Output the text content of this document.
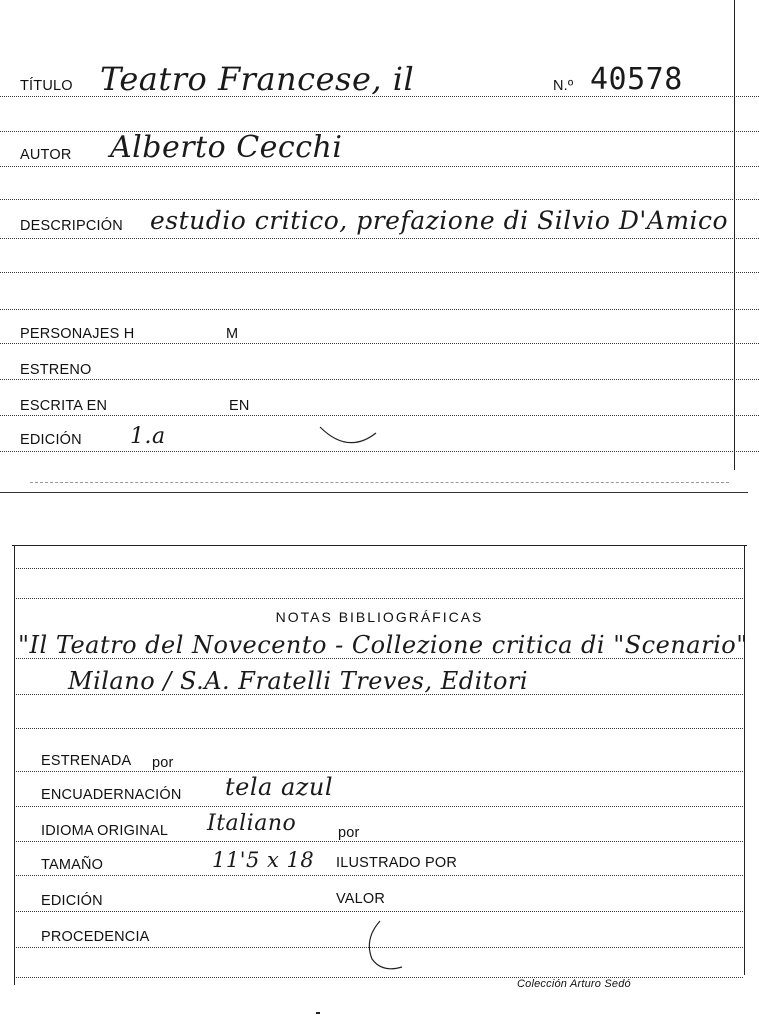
TÍTULO Teatro Francese, il	N.º 40578
AUTOR Alberto Cecchi
DESCRIPCIÓN estudio critico, prefazione di Silvio D'Amico
PERSONAJES H	M
ESTRENO
ESCRITA EN	EN
EDICIÓN 1.a
NOTAS BIBLIOGRÁFICAS
"Il Teatro del Novecento - Collezione critica di "Scenario"
Milano / S.A. Fratelli Treves, Editori
ESTRENADA por
ENCUADERNACIÓN tela azul
IDIOMA ORIGINAL Italiano	por
TAMAÑO	11'5 x 18 ILUSTRADO POR
EDICIÓN	VALOR
PROCEDENCIA
Colección Arturo Sedó
